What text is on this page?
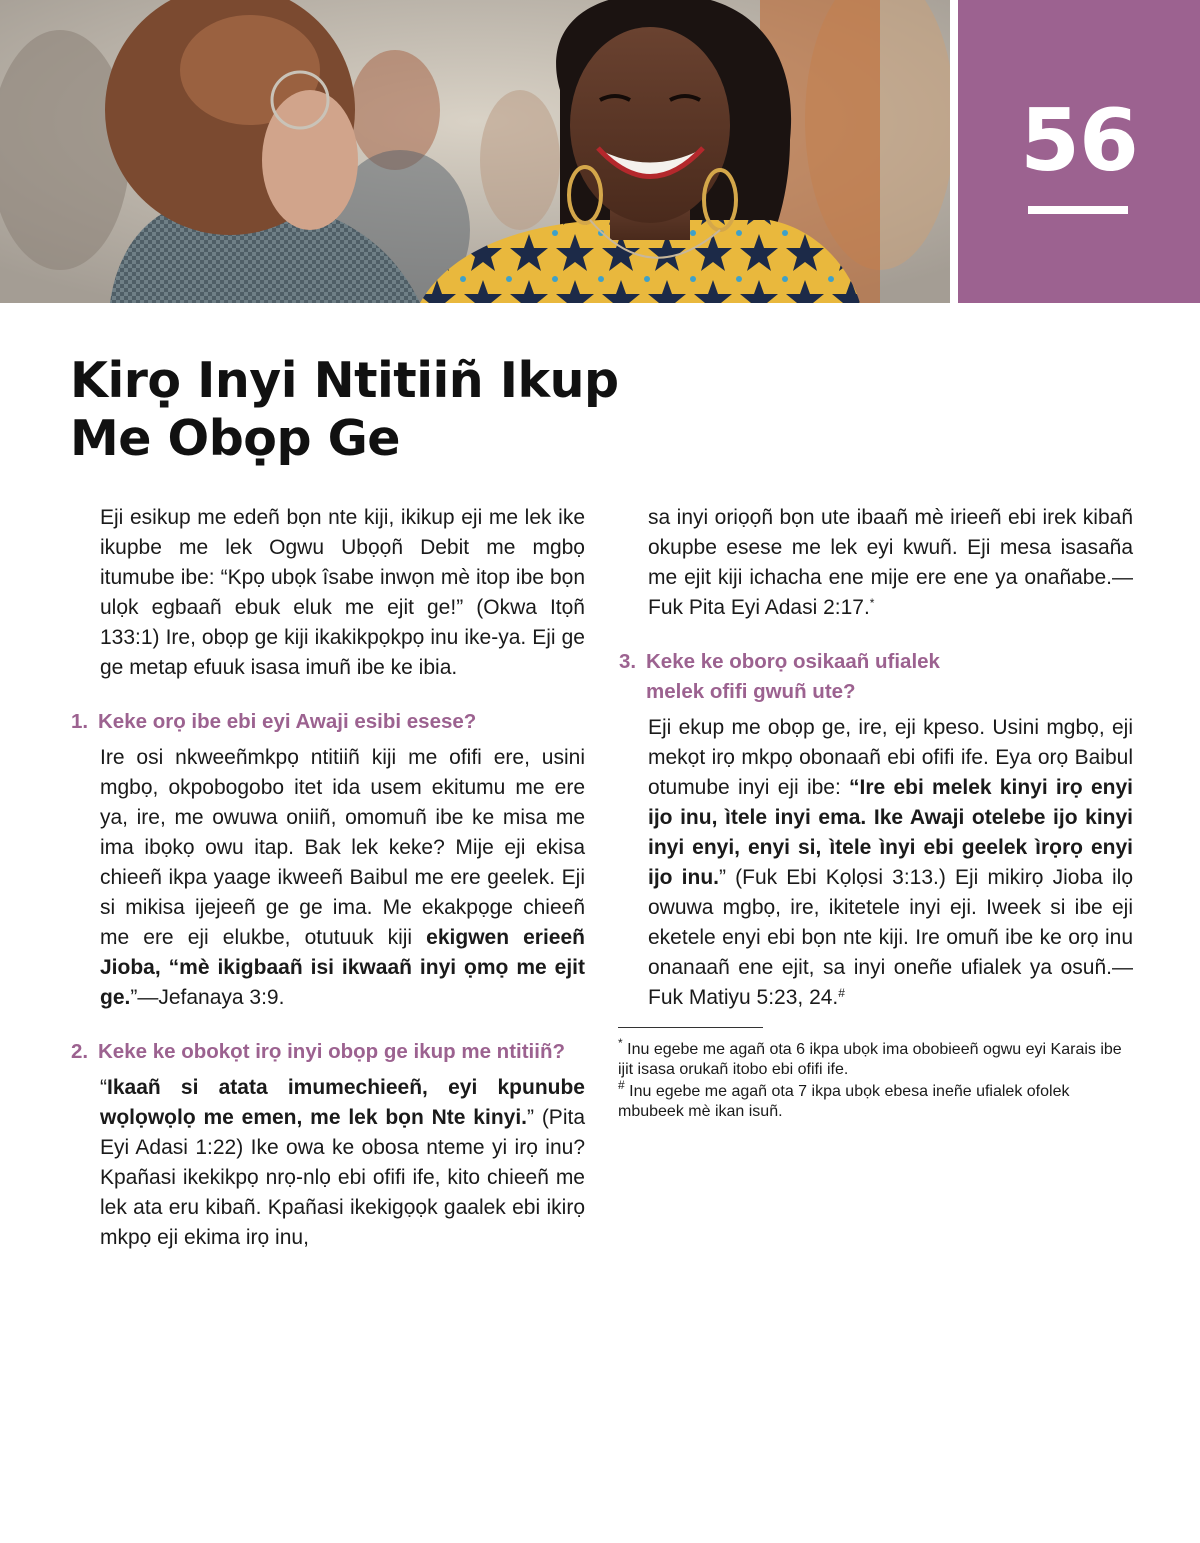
56
Kirọ Inyi Ntitiiñ Ikup
Me Obọp Ge

Eji esikup me edeñ bọn nte kiji, ikikup eji me lek ike ikupbe me lek Ogwu Ubọọñ Debit me mgbọ itumube ibe: “Kpọ ubọk îsabe inwọn mè itop ibe bọn ulọk egbaañ ebuk eluk me ejit ge!” (Okwa Itọñ 133:1) Ire, obọp ge kiji ikakikpọkpọ inu ike-ya. Eji ge ge metap efuuk isasa imuñ ibe ke ibia.

1. Keke orọ ibe ebi eyi Awaji esibi esese?

Ire osi nkweeñmkpọ ntitiiñ kiji me ofifi ere, usini mgbọ, okpobogobo itet ida usem ekitumu me ere ya, ire, me owuwa oniiñ, omomuñ ibe ke misa me ima ibọkọ owu itap. Bak lek keke? Mije eji ekisa chieeñ ikpa yaage ikweeñ Baibul me ere geelek. Eji si mikisa ijejeeñ ge ge ima. Me ekakpọge chieeñ me ere eji elukbe, otutuuk kiji ekigwen erieeñ Jioba, “mè ikigbaañ isi ikwaañ inyi ọmọ me ejit ge.”—Jefanaya 3:9.

2. Keke ke obokọt irọ inyi obọp ge ikup me ntitiiñ?

“Ikaañ si atata imumechieeñ, eyi kpunube wọlọwọlọ me emen, me lek bọn Nte kinyi.” (Pita Eyi Adasi 1:22) Ike owa ke obosa nteme yi irọ inu? Kpañasi ikekikpọ nrọ-nlọ ebi ofifi ife, kito chieeñ me lek ata eru kibañ. Kpañasi ikekigọọk gaalek ebi ikirọ mkpọ eji ekima irọ inu,

sa inyi oriọọñ bọn ute ibaañ mè irieeñ ebi irek kibañ okupbe esese me lek eyi kwuñ. Eji mesa isasaña me ejit kiji ichacha ene mije ere ene ya onañabe.—Fuk Pita Eyi Adasi 2:17.*

3. Keke ke oborọ osikaañ ufialek
melek ofifi gwuñ ute?

Eji ekup me obọp ge, ire, eji kpeso. Usini mgbọ, eji mekọt irọ mkpọ obonaañ ebi ofifi ife. Eya orọ Baibul otumube inyi eji ibe: “Ire ebi melek kinyi irọ enyi ijo inu, ìtele inyi ema. Ike Awaji otelebe ijo kinyi inyi enyi, enyi si, ìtele ìnyi ebi geelek ìrọrọ enyi ijo inu.” (Fuk Ebi Kọlọsi 3:13.) Eji mikirọ Jioba ilọ owuwa mgbọ, ire, ikitetele inyi eji. Iweek si ibe eji eketele enyi ebi bọn nte kiji. Ire omuñ ibe ke orọ inu onanaañ ene ejit, sa inyi oneñe ufialek ya osuñ.—Fuk Matiyu 5:23, 24.#

* Inu egebe me agañ ota 6 ikpa ubọk ima obobieeñ ogwu eyi Karais ibe ijit isasa orukañ itobo ebi ofifi ife.

# Inu egebe me agañ ota 7 ikpa ubọk ebesa ineñe ufialek ofolek mbubeek mè ikan isuñ.
